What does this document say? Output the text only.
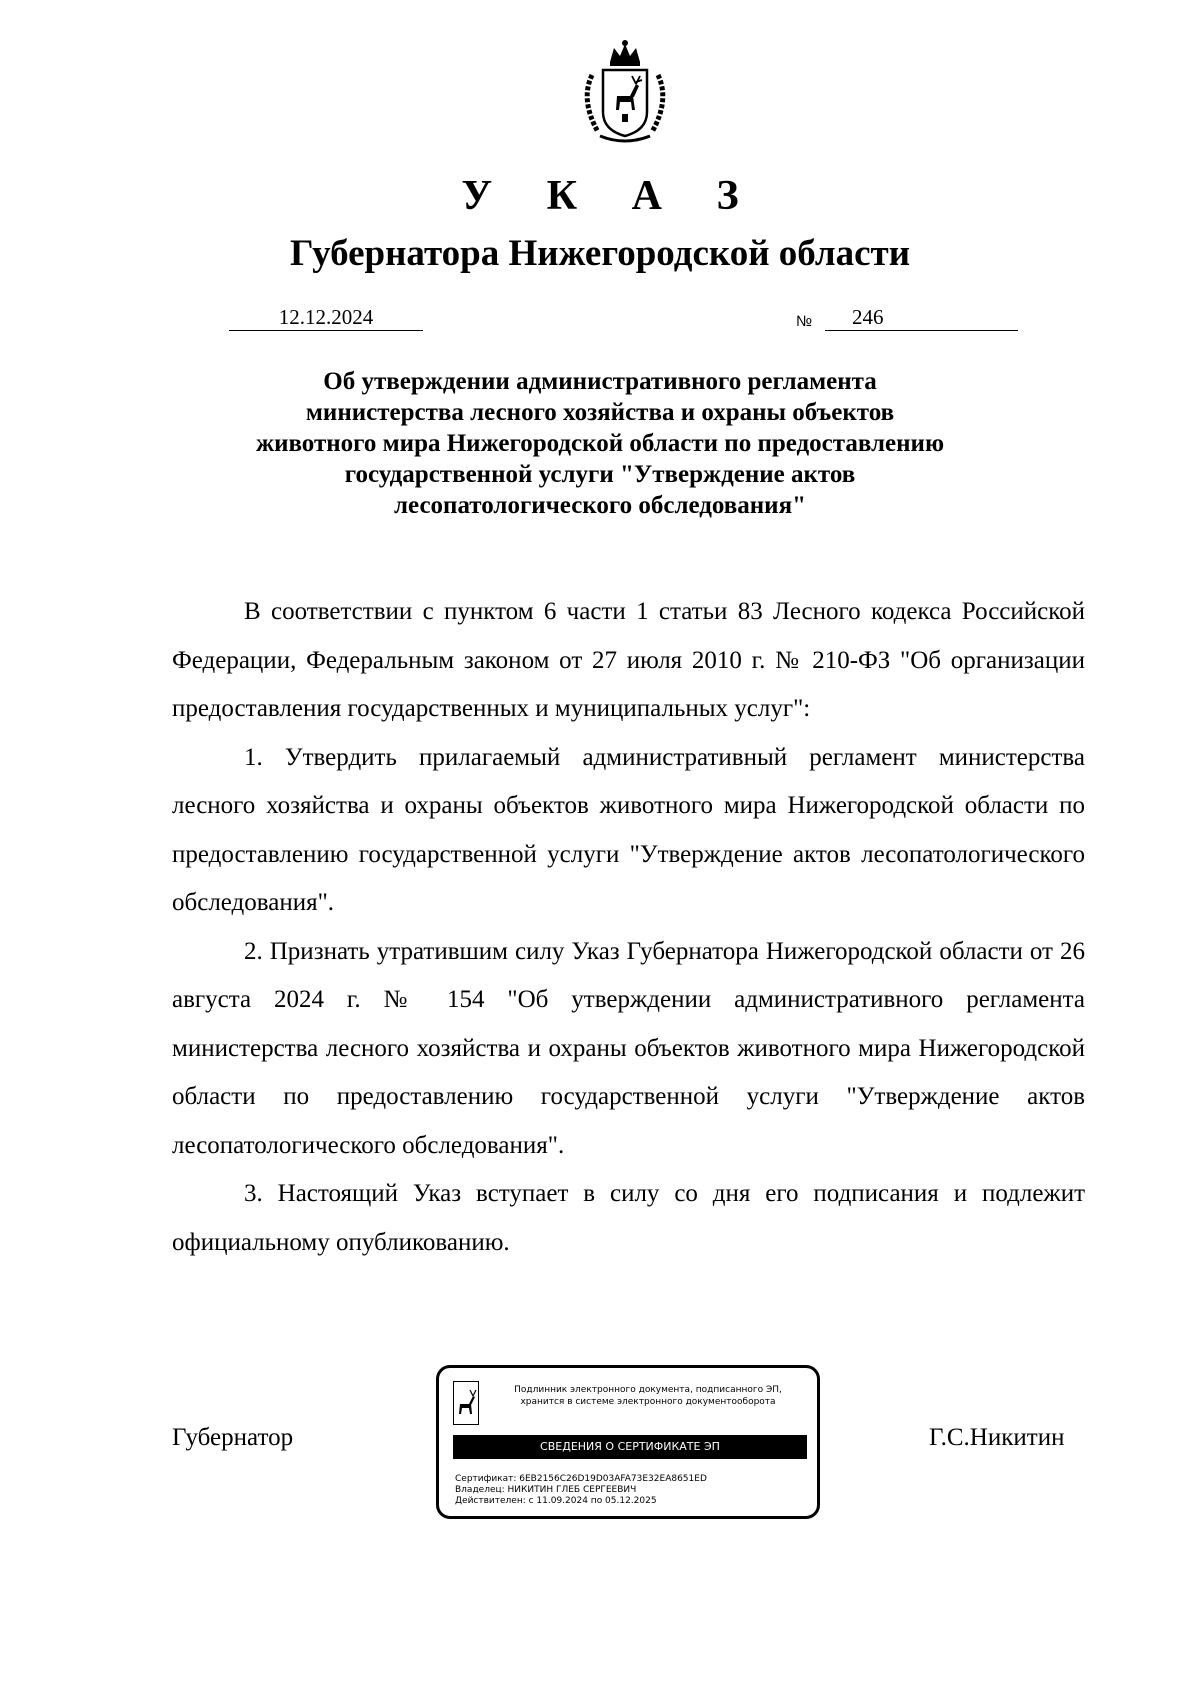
У К А З
Губернатора Нижегородской области
12.12.2024	№	246
Об утверждении административного регламента
министерства лесного хозяйства и охраны объектов
животного мира Нижегородской области по предоставлению
государственной услуги "Утверждение актов
лесопатологического обследования"

В соответствии с пунктом 6 части 1 статьи 83 Лесного кодекса Российской Федерации, Федеральным законом от 27 июля 2010 г. № 210-ФЗ "Об организации предоставления государственных и муниципальных услуг":

1. Утвердить прилагаемый административный регламент министерства лесного хозяйства и охраны объектов животного мира Нижегородской области по предоставлению государственной услуги "Утверждение актов лесопатологического обследования".

2. Признать утратившим силу Указ Губернатора Нижегородской области от 26 августа 2024 г. № 154 "Об утверждении административного регламента министерства лесного хозяйства и охраны объектов животного мира Нижегородской области по предоставлению государственной услуги "Утверждение актов лесопатологического обследования".

3. Настоящий Указ вступает в силу со дня его подписания и подлежит официальному опубликованию.

Губернатор
Подлинник электронного документа, подписанного ЭП,
хранится в системе электронного документооборота
СВЕДЕНИЯ О СЕРТИФИКАТЕ ЭП
Сертификат: 6EB2156C26D19D03AFA73E32EA8651ED
Владелец: НИКИТИН ГЛЕБ СЕРГЕЕВИЧ
Действителен: с 11.09.2024 по 05.12.2025
Г.С.Никитин
